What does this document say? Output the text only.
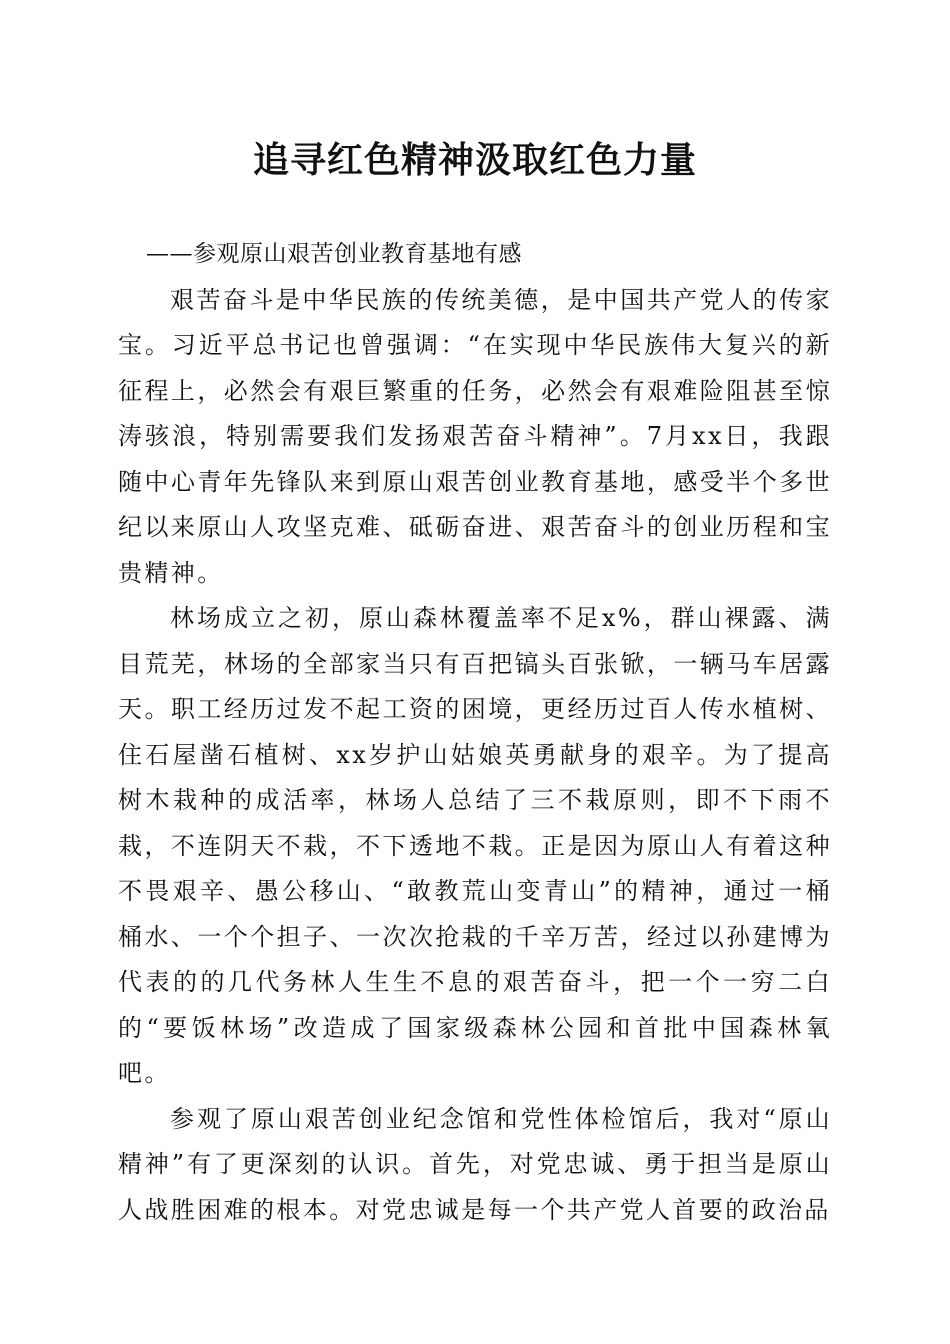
追寻红色精神汲取红色力量

——参观原山艰苦创业教育基地有感

艰苦奋斗是中华民族的传统美德，是中国共产党人的传家宝。习近平总书记也曾强调：“在实现中华民族伟大复兴的新征程上，必然会有艰巨繁重的任务，必然会有艰难险阻甚至惊涛骇浪，特别需要我们发扬艰苦奋斗精神”。7月xx日，我跟随中心青年先锋队来到原山艰苦创业教育基地，感受半个多世纪以来原山人攻坚克难、砥砺奋进、艰苦奋斗的创业历程和宝贵精神。

林场成立之初，原山森林覆盖率不足x%，群山裸露、满目荒芜，林场的全部家当只有百把镐头百张锨，一辆马车居露天。职工经历过发不起工资的困境，更经历过百人传水植树、住石屋凿石植树、xx岁护山姑娘英勇献身的艰辛。为了提高树木栽种的成活率，林场人总结了三不栽原则，即不下雨不栽，不连阴天不栽，不下透地不栽。正是因为原山人有着这种不畏艰辛、愚公移山、“敢教荒山变青山”的精神，通过一桶桶水、一个个担子、一次次抢栽的千辛万苦，经过以孙建博为代表的的几代务林人生生不息的艰苦奋斗，把一个一穷二白的“要饭林场”改造成了国家级森林公园和首批中国森林氧吧。

参观了原山艰苦创业纪念馆和党性体检馆后，我对“原山精神”有了更深刻的认识。首先，对党忠诚、勇于担当是原山人战胜困难的根本。对党忠诚是每一个共产党人首要的政治品
